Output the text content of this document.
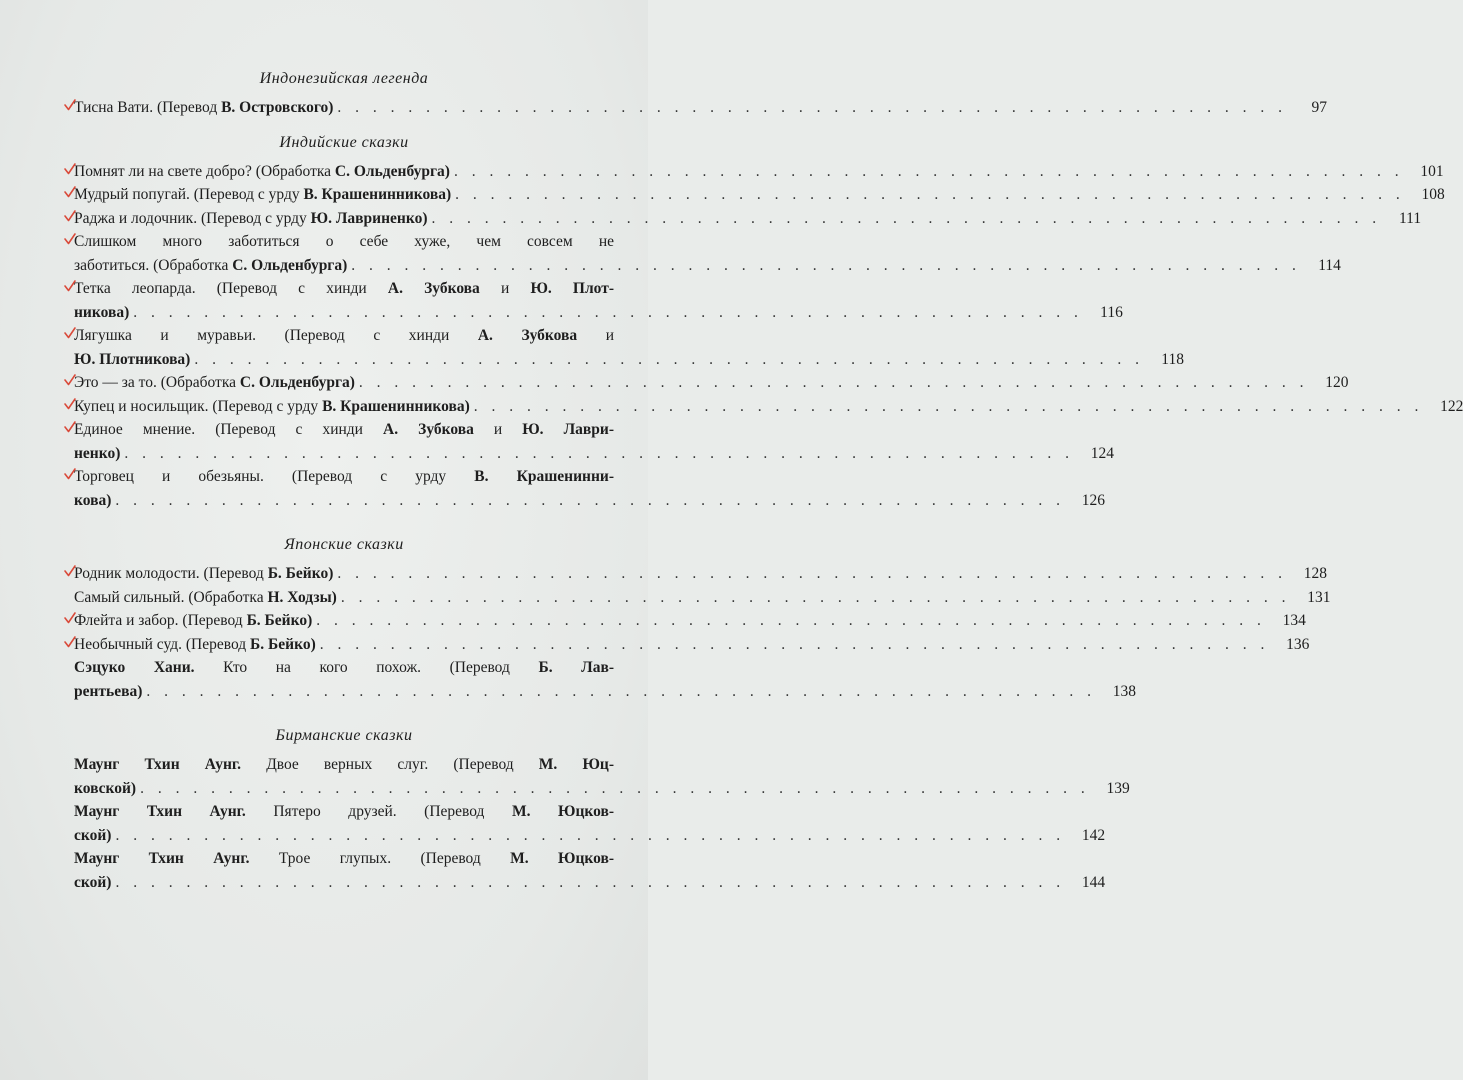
Индонезийская легенда
Тисна Вати. (Перевод В. Островского) . . .	97
Индийские сказки
Помнят ли на свете добро? (Обработка С. Ольденбурга) . . .	101
Мудрый попугай. (Перевод с урду В. Крашенинникова) . . .	108
Раджа и лодочник. (Перевод с урду Ю. Лавриненко) . . .	111
Слишком много заботиться о себе хуже, чем совсем не
заботиться. (Обработка С. Ольденбурга) . . .	114
Тетка леопарда. (Перевод с хинди А. Зубкова и Ю. Плот-
никова) . . .	116
Лягушка и муравьи. (Перевод с хинди А. Зубкова и
Ю. Плотникова) . . .	118
Это — за то. (Обработка С. Ольденбурга) . . .	120
Купец и носильщик. (Перевод с урду В. Крашенинникова) . . .	122
Единое мнение. (Перевод с хинди А. Зубкова и Ю. Лаври-
ненко) . . .	124
Торговец и обезьяны. (Перевод с урду В. Крашенинни-
кова) . . .	126
Японские сказки
Родник молодости. (Перевод Б. Бейко) . . .	128
Самый сильный. (Обработка Н. Ходзы) . . .	131
Флейта и забор. (Перевод Б. Бейко) . . .	134
Необычный суд. (Перевод Б. Бейко) . . .	136
Сэцуко Хани. Кто на кого похож. (Перевод Б. Лав-
рентьева) . . .	138
Бирманские сказки
Маунг Тхин Аунг. Двое верных слуг. (Перевод М. Юц-
ковской) . . .	139
Маунг Тхин Аунг. Пятеро друзей. (Перевод М. Юцков-
ской) . . .	142
Маунг Тхин Аунг. Трое глупых. (Перевод М. Юцков-
ской) . . .	144
